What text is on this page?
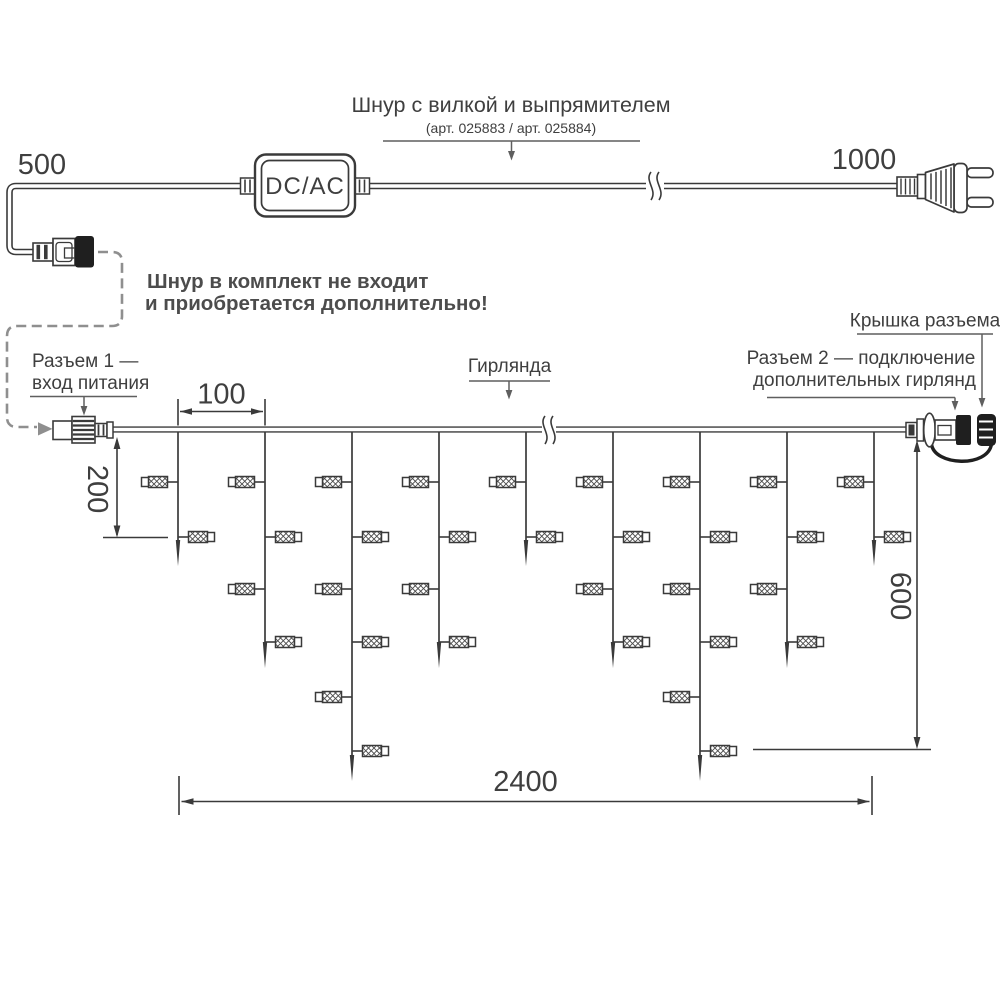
DC/AC
500	1000
Шнур с вилкой и выпрямителем
(арт. 025883 / арт. 025884)
Шнур в комплект не входит
и приобретается дополнительно!
Разъем 1 —
вход питания
Гирлянда	Разъем 2 — подключение
дополнительных гирлянд
Крышка разъема
100
2400
200
600
